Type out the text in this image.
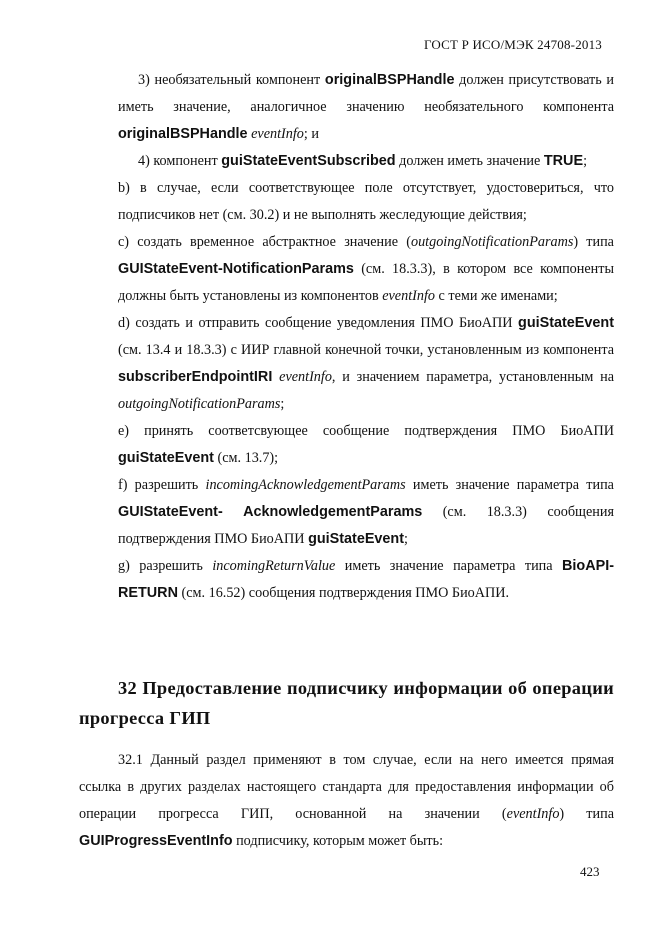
ГОСТ Р ИСО/МЭК 24708-2013

3) необязательный компонент originalBSPHandle должен присутствовать и иметь значение, аналогичное значению необязательного компонента originalBSPHandle eventInfo; и

4) компонент guiStateEventSubscribed должен иметь значение TRUE;

b) в случае, если соответствующее поле отсутствует, удостовериться, что подписчиков нет (см. 30.2) и не выполнять жеследующие действия;

c) создать временное абстрактное значение (outgoingNotificationParams) типа GUIStateEvent-NotificationParams (см. 18.3.3), в котором все компоненты должны быть установлены из компонентов eventInfo с теми же именами;

d) создать и отправить сообщение уведомления ПМО БиоАПИ guiStateEvent (см. 13.4 и 18.3.3) с ИИР главной конечной точки, установленным из компонента subscriberEndpointIRI eventInfo, и значением параметра, установленным на outgoingNotificationParams;

e) принять соответсвующее сообщение подтверждения ПМО БиоАПИ guiStateEvent (см. 13.7);

f) разрешить incomingAcknowledgementParams иметь значение параметра типа GUIStateEvent- AcknowledgementParams (см. 18.3.3) сообщения подтверждения ПМО БиоАПИ guiStateEvent;

g) разрешить incomingReturnValue иметь значение параметра типа BioAPI-RETURN (см. 16.52) сообщения подтверждения ПМО БиоАПИ.

32 Предоставление подписчику информации об операции прогресса ГИП

32.1 Данный раздел применяют в том случае, если на него имеется прямая ссылка в других разделах настоящего стандарта для предоставления информации об операции прогресса ГИП, основанной на значении (eventInfo) типа GUIProgressEventInfo подписчику, которым может быть:

423
